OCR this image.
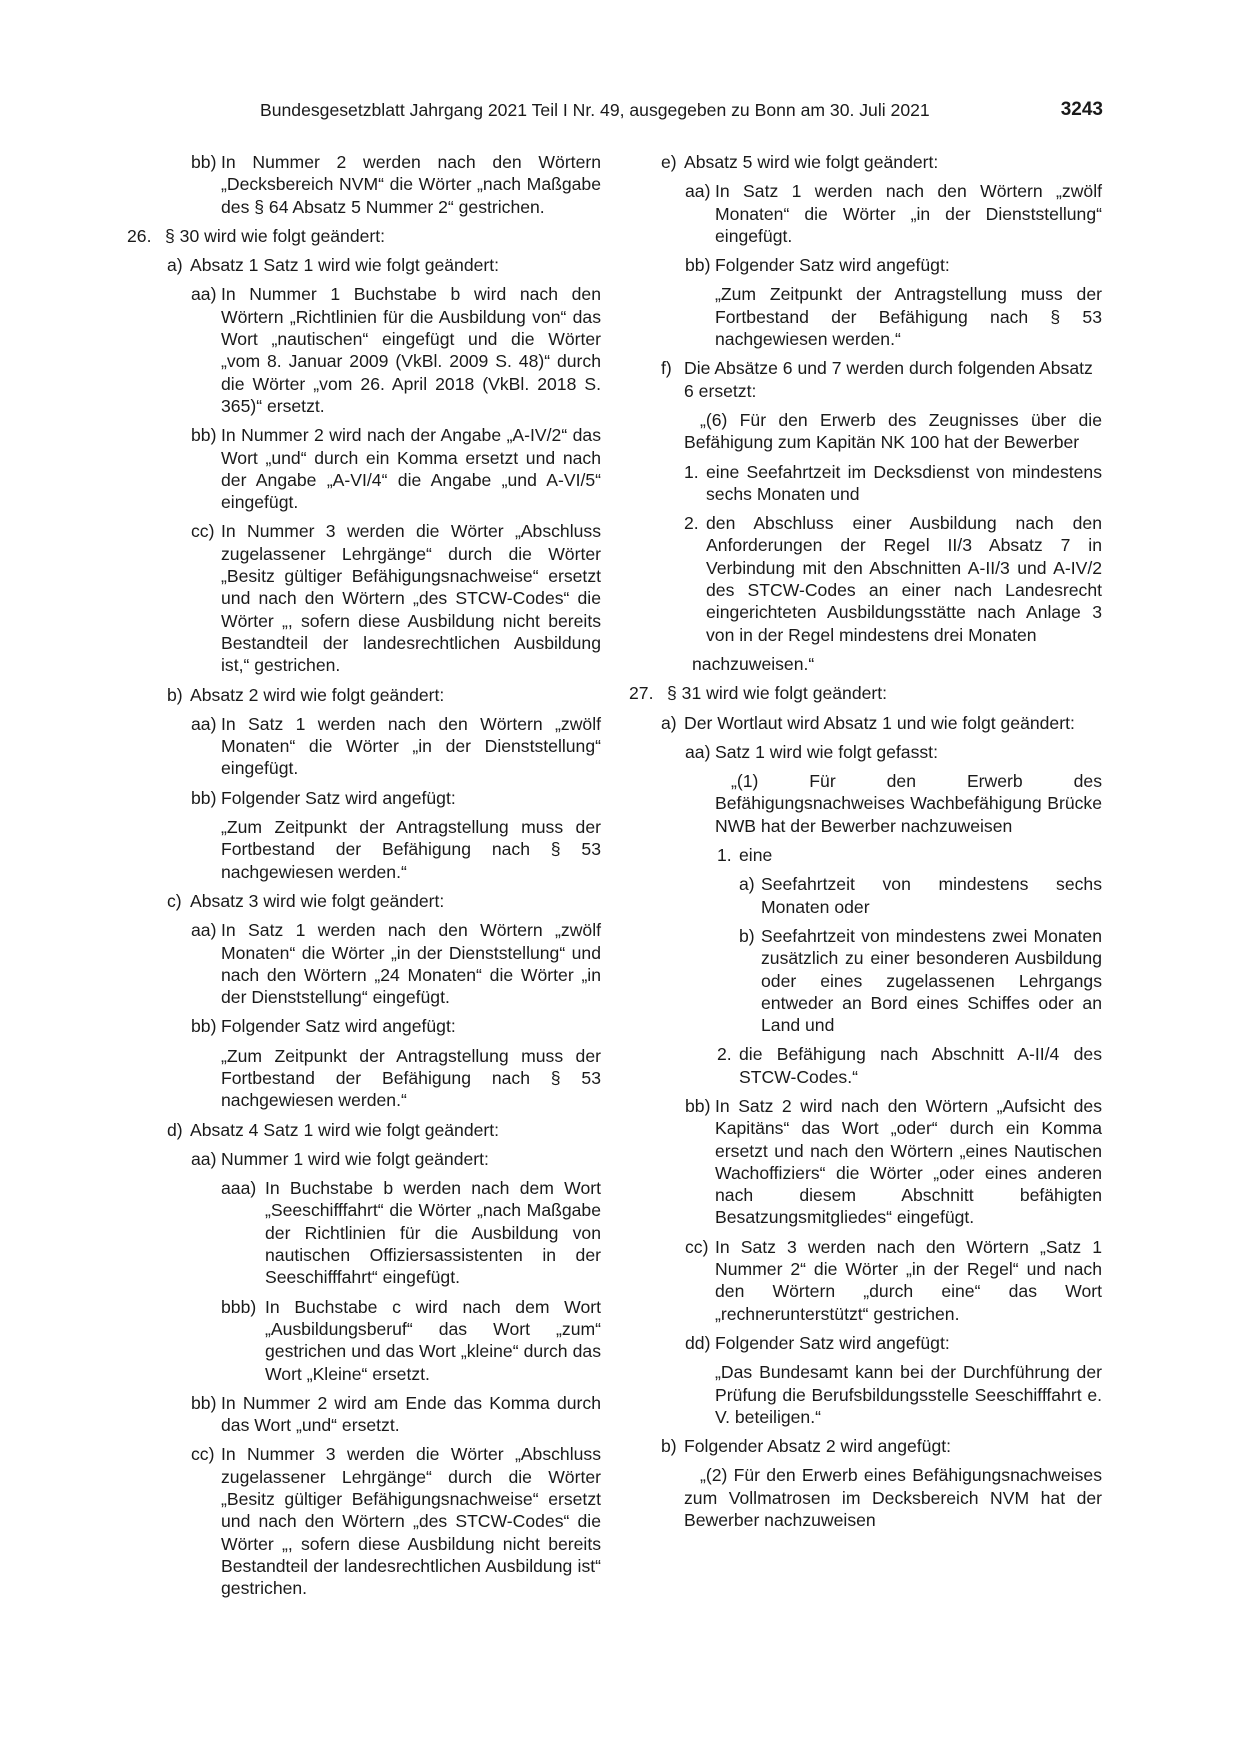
Bundesgesetzblatt Jahrgang 2021 Teil I Nr. 49, ausgegeben zu Bonn am 30. Juli 2021	3243
bb) In Nummer 2 werden nach den Wörtern „Decksbereich NVM“ die Wörter „nach Maßgabe des § 64 Absatz 5 Nummer 2“ gestrichen.
26. § 30 wird wie folgt geändert:
a) Absatz 1 Satz 1 wird wie folgt geändert:
aa) In Nummer 1 Buchstabe b wird nach den Wörtern „Richtlinien für die Ausbildung von“ das Wort „nautischen“ eingefügt und die Wörter „vom 8. Januar 2009 (VkBl. 2009 S. 48)“ durch die Wörter „vom 26. April 2018 (VkBl. 2018 S. 365)“ ersetzt.
bb) In Nummer 2 wird nach der Angabe „A-IV/2“ das Wort „und“ durch ein Komma ersetzt und nach der Angabe „A-VI/4“ die Angabe „und A-VI/5“ eingefügt.
cc) In Nummer 3 werden die Wörter „Abschluss zugelassener Lehrgänge“ durch die Wörter „Besitz gültiger Befähigungsnachweise“ ersetzt und nach den Wörtern „des STCW-Codes“ die Wörter „, sofern diese Ausbildung nicht bereits Bestandteil der landesrechtlichen Ausbildung ist,“ gestrichen.
b) Absatz 2 wird wie folgt geändert:
aa) In Satz 1 werden nach den Wörtern „zwölf Monaten“ die Wörter „in der Dienststellung“ eingefügt.
bb) Folgender Satz wird angefügt:
„Zum Zeitpunkt der Antragstellung muss der Fortbestand der Befähigung nach § 53 nachgewiesen werden.“
c) Absatz 3 wird wie folgt geändert:
aa) In Satz 1 werden nach den Wörtern „zwölf Monaten“ die Wörter „in der Dienststellung“ und nach den Wörtern „24 Monaten“ die Wörter „in der Dienststellung“ eingefügt.
bb) Folgender Satz wird angefügt:
„Zum Zeitpunkt der Antragstellung muss der Fortbestand der Befähigung nach § 53 nachgewiesen werden.“
d) Absatz 4 Satz 1 wird wie folgt geändert:
aa) Nummer 1 wird wie folgt geändert:
aaa) In Buchstabe b werden nach dem Wort „Seeschifffahrt“ die Wörter „nach Maßgabe der Richtlinien für die Ausbildung von nautischen Offiziersassistenten in der Seeschifffahrt“ eingefügt.
bbb) In Buchstabe c wird nach dem Wort „Ausbildungsberuf“ das Wort „zum“ gestrichen und das Wort „kleine“ durch das Wort „Kleine“ ersetzt.
bb) In Nummer 2 wird am Ende das Komma durch das Wort „und“ ersetzt.
cc) In Nummer 3 werden die Wörter „Abschluss zugelassener Lehrgänge“ durch die Wörter „Besitz gültiger Befähigungsnachweise“ ersetzt und nach den Wörtern „des STCW-Codes“ die Wörter „, sofern diese Ausbildung nicht bereits Bestandteil der landesrechtlichen Ausbildung ist“ gestrichen.
e) Absatz 5 wird wie folgt geändert:
aa) In Satz 1 werden nach den Wörtern „zwölf Monaten“ die Wörter „in der Dienststellung“ eingefügt.
bb) Folgender Satz wird angefügt:
„Zum Zeitpunkt der Antragstellung muss der Fortbestand der Befähigung nach § 53 nachgewiesen werden.“
f) Die Absätze 6 und 7 werden durch folgenden Absatz 6 ersetzt:
„(6) Für den Erwerb des Zeugnisses über die Befähigung zum Kapitän NK 100 hat der Bewerber
1. eine Seefahrtzeit im Decksdienst von mindestens sechs Monaten und
2. den Abschluss einer Ausbildung nach den Anforderungen der Regel II/3 Absatz 7 in Verbindung mit den Abschnitten A-II/3 und A-IV/2 des STCW-Codes an einer nach Landesrecht eingerichteten Ausbildungsstätte nach Anlage 3 von in der Regel mindestens drei Monaten
nachzuweisen.“
27. § 31 wird wie folgt geändert:
a) Der Wortlaut wird Absatz 1 und wie folgt geändert:
aa) Satz 1 wird wie folgt gefasst:
„(1) Für den Erwerb des Befähigungsnachweises Wachbefähigung Brücke NWB hat der Bewerber nachzuweisen
1. eine
a) Seefahrtzeit von mindestens sechs Monaten oder
b) Seefahrtzeit von mindestens zwei Monaten zusätzlich zu einer besonderen Ausbildung oder eines zugelassenen Lehrgangs entweder an Bord eines Schiffes oder an Land und
2. die Befähigung nach Abschnitt A-II/4 des STCW-Codes.“
bb) In Satz 2 wird nach den Wörtern „Aufsicht des Kapitäns“ das Wort „oder“ durch ein Komma ersetzt und nach den Wörtern „eines Nautischen Wachoffiziers“ die Wörter „oder eines anderen nach diesem Abschnitt befähigten Besatzungsmitgliedes“ eingefügt.
cc) In Satz 3 werden nach den Wörtern „Satz 1 Nummer 2“ die Wörter „in der Regel“ und nach den Wörtern „durch eine“ das Wort „rechnerunterstützt“ gestrichen.
dd) Folgender Satz wird angefügt:
„Das Bundesamt kann bei der Durchführung der Prüfung die Berufsbildungsstelle Seeschifffahrt e. V. beteiligen.“
b) Folgender Absatz 2 wird angefügt:
„(2) Für den Erwerb eines Befähigungsnachweises zum Vollmatrosen im Decksbereich NVM hat der Bewerber nachzuweisen
